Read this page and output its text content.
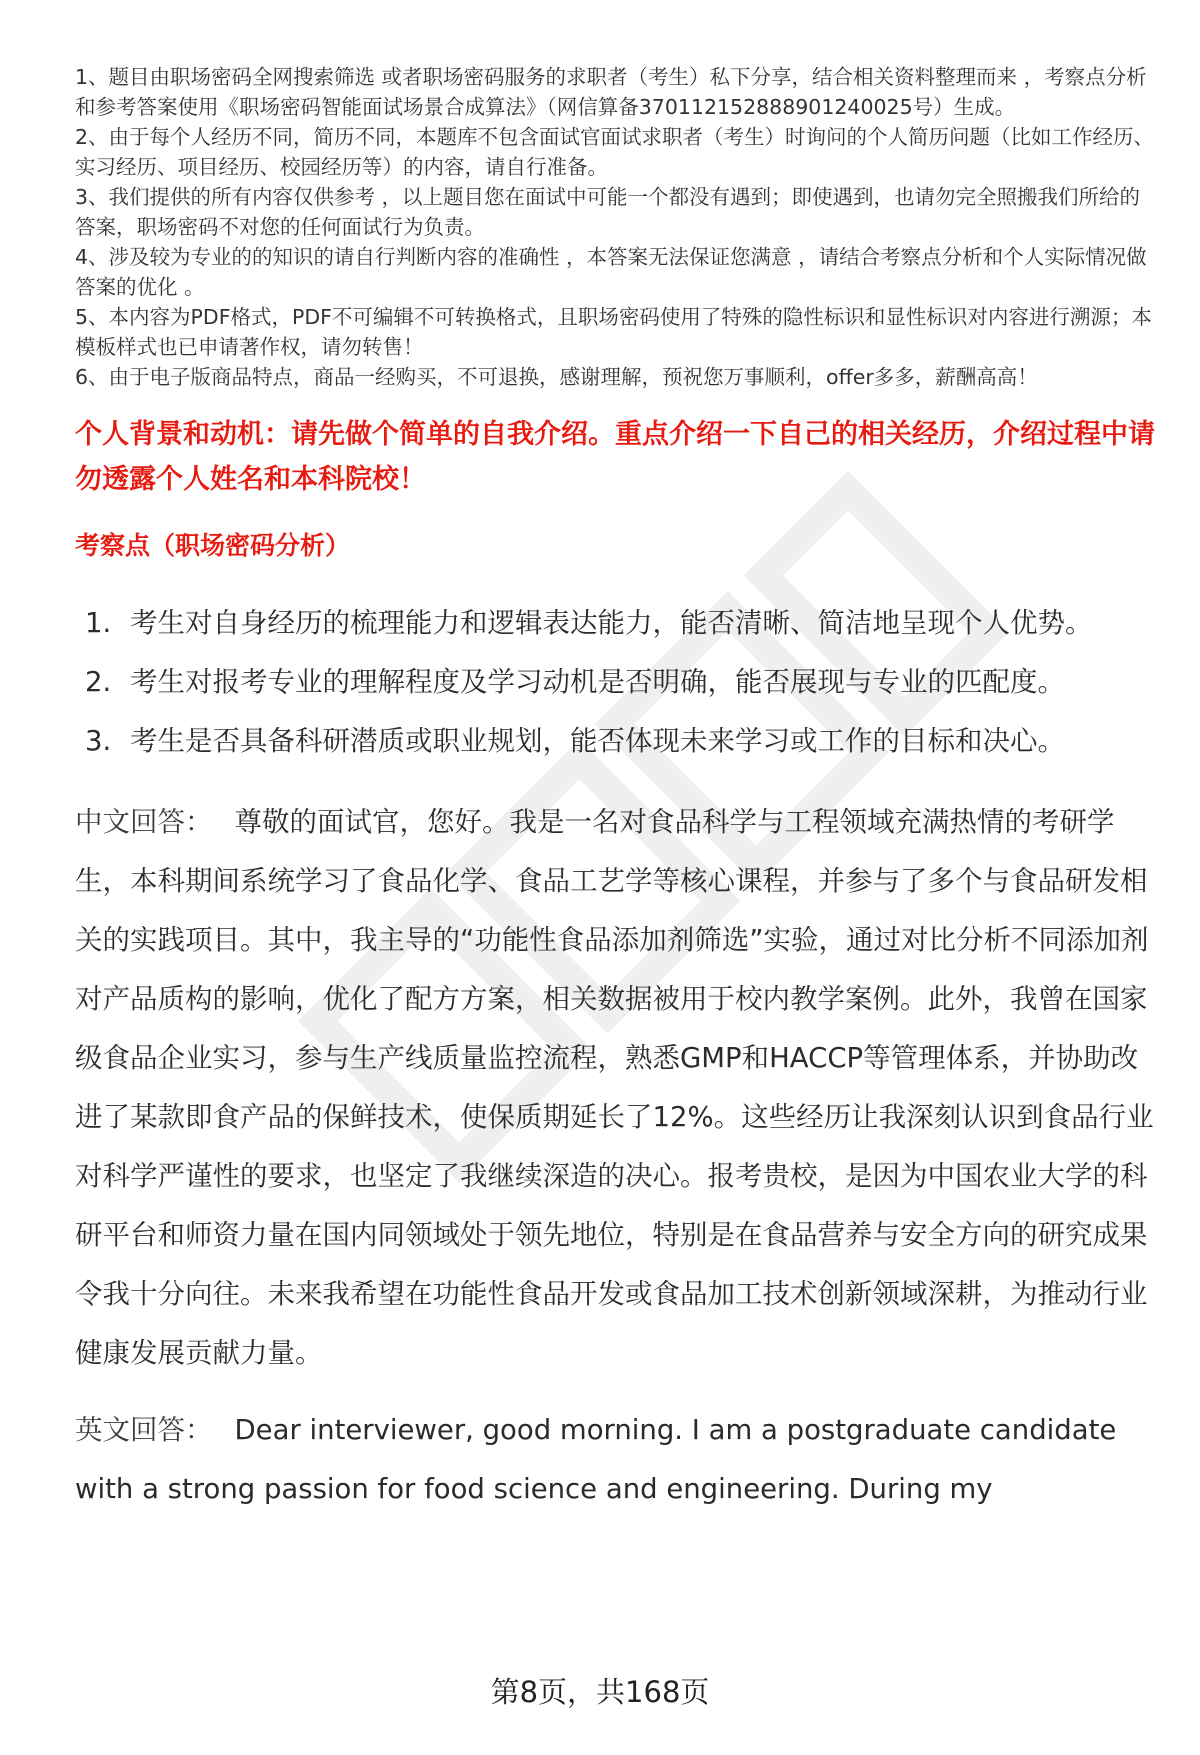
1、题目由职场密码全网搜索筛选 或者职场密码服务的求职者（考生）私下分享，结合相关资料整理而来 ，考察点分析和参考答案使用《职场密码智能面试场景合成算法》（网信算备370112152888901240025号）生成。
2、由于每个人经历不同，简历不同，本题库不包含面试官面试求职者（考生）时询问的个人简历问题（比如工作经历、实习经历、项目经历、校园经历等）的内容，请自行准备。
3、我们提供的所有内容仅供参考 ，以上题目您在面试中可能一个都没有遇到；即使遇到，也请勿完全照搬我们所给的答案，职场密码不对您的任何面试行为负责。
4、涉及较为专业的的知识的请自行判断内容的准确性 ，本答案无法保证您满意 ，请结合考察点分析和个人实际情况做答案的优化 。
5、本内容为PDF格式，PDF不可编辑不可转换格式，且职场密码使用了特殊的隐性标识和显性标识对内容进行溯源；本模板样式也已申请著作权，请勿转售！
6、由于电子版商品特点，商品一经购买，不可退换，感谢理解，预祝您万事顺利，offer多多，薪酬高高！
个人背景和动机：请先做个简单的自我介绍。重点介绍一下自己的相关经历，介绍过程中请勿透露个人姓名和本科院校！
考察点（职场密码分析）
1. 考生对自身经历的梳理能力和逻辑表达能力，能否清晰、简洁地呈现个人优势。
2. 考生对报考专业的理解程度及学习动机是否明确，能否展现与专业的匹配度。
3. 考生是否具备科研潜质或职业规划，能否体现未来学习或工作的目标和决心。

中文回答： 尊敬的面试官，您好。我是一名对食品科学与工程领域充满热情的考研学生，本科期间系统学习了食品化学、食品工艺学等核心课程，并参与了多个与食品研发相关的实践项目。其中，我主导的“功能性食品添加剂筛选”实验，通过对比分析不同添加剂对产品质构的影响，优化了配方方案，相关数据被用于校内教学案例。此外，我曾在国家级食品企业实习，参与生产线质量监控流程，熟悉GMP和HACCP等管理体系，并协助改进了某款即食产品的保鲜技术，使保质期延长了12%。这些经历让我深刻认识到食品行业对科学严谨性的要求，也坚定了我继续深造的决心。报考贵校，是因为中国农业大学的科研平台和师资力量在国内同领域处于领先地位，特别是在食品营养与安全方向的研究成果令我十分向往。未来我希望在功能性食品开发或食品加工技术创新领域深耕，为推动行业健康发展贡献力量。

英文回答： Dear interviewer, good morning. I am a postgraduate candidate with a strong passion for food science and engineering. During my

第8页，共168页
